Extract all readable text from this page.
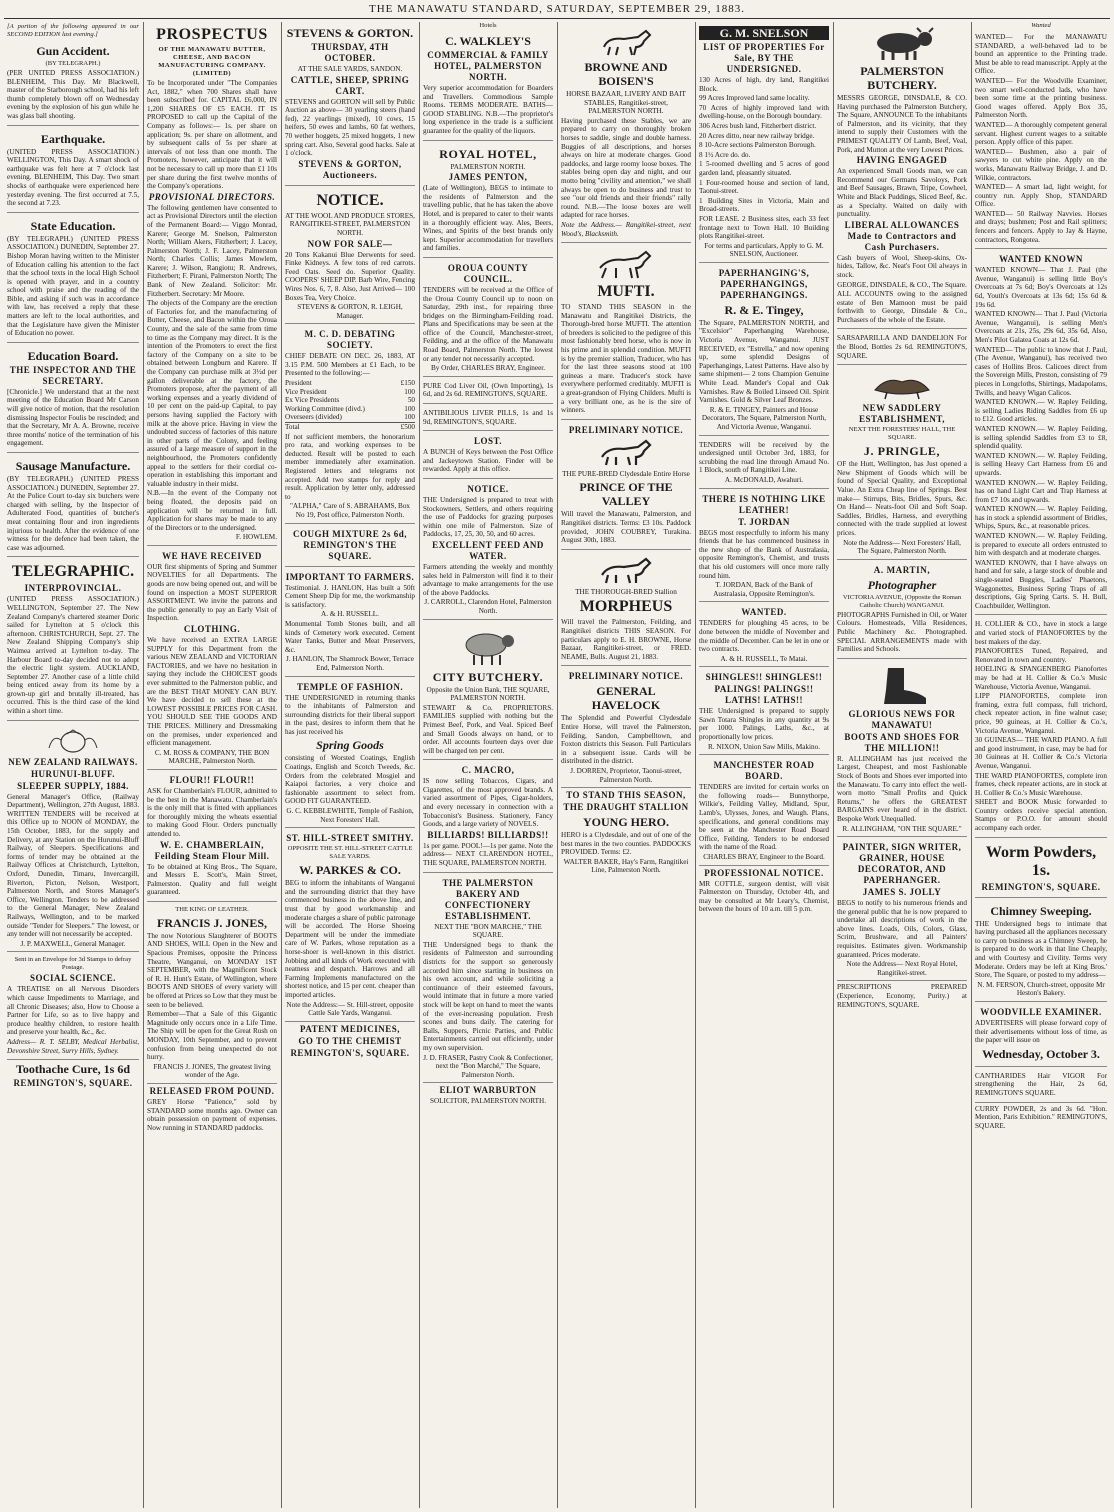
THE MANAWATU STANDARD, SATURDAY, SEPTEMBER 29, 1883.
[A portion of the following appeared in our SECOND EDITION last evening.]
Gun Accident.
(BY TELEGRAPH.)
(PER UNITED PRESS ASSOCIATION.) BLENHEIM, This Day. Mr Blackwell, master of the Starborough school, had his left thumb completely blown off on Wednesday evening by the explosion of his gun while he was glass ball shooting.
Earthquake.
(UNITED PRESS ASSOCIATION.) WELLINGTON, This Day. A smart shock of earthquake was felt here at 7 o'clock last evening. BLENHEIM, This Day. Two smart shocks of earthquake were experienced here yesterday evening. The first occurred at 7.5, the second at 7.23.
State Education.
(BY TELEGRAPH.) (UNITED PRESS ASSOCIATION.) DUNEDIN, September 27. Bishop Moran having written to the Minister of Education calling his attention to the fact that the school texts in the local High School is opened with prayer, and in a country school with praise and the reading of the Bible, and asking if such was in accordance with law, has received a reply that these matters are left to the local authorities, and that the Legislature have given the Minister of Education no power.
Education Board.
THE INSPECTOR AND THE SECRETARY.
[Chronicle.] We understand that at the next meeting of the Education Board Mr Carson will give notice of motion, that the resolution dismissing Inspector Foulis be rescinded; and that the Secretary, Mr A. A. Browne, receive three months' notice of the termination of his engagement.
Sausage Manufacture.
(BY TELEGRAPH.) (UNITED PRESS ASSOCIATION.) DUNEDIN, September 27. At the Police Court to-day six butchers were charged with selling, by the Inspector of Adulterated Food, quantities of butcher's meat containing flour and iron ingredients injurious to health. After the evidence of one witness for the defence had been taken, the case was adjourned.
TELEGRAPHIC.
INTERPROVINCIAL.
(UNITED PRESS ASSOCIATION.) WELLINGTON, September 27. The New Zealand Company's chartered steamer Doric sailed for Lyttelton at 5 o'clock this afternoon. CHRISTCHURCH, Sept. 27. The New Zealand Shipping Company's ship Waimea arrived at Lyttelton to-day. The Harbour Board to-day decided not to adopt the electric light system. AUCKLAND, September 27. Another case of a little child being enticed away from its home by a grown-up girl and brutally ill-treated, has occurred. This is the third case of the kind within a short time.
NEW ZEALAND RAILWAYS.
HURUNUI-BLUFF.
SLEEPER SUPPLY, 1884.
General Manager's Office, (Railway Department), Wellington, 27th August, 1883. WRITTEN TENDERS will be received at this Office up to NOON of MONDAY, the 15th October, 1883, for the supply and Delivery, at any Station on the Hurunui-Bluff Railway, of Sleepers. Specifications and forms of tender may be obtained at the Railway Offices at Christchurch, Lyttelton, Oxford, Dunedin, Timaru, Invercargill, Riverton, Picton, Nelson, Westport, Palmerston North, and Stores Manager's Office, Wellington. Tenders to be addressed to the General Manager, New Zealand Railways, Wellington, and to be marked outside "Tender for Sleepers." The lowest, or any tender will not necessarily be accepted.
J. P. MAXWELL, General Manager.
Sent in an Envelope for 3d Stamps to defray Postage.
SOCIAL SCIENCE.
A TREATISE on all Nervous Disorders which cause Impediments to Marriage, and all Chronic Diseases; also, How to Choose a Partner for Life, so as to live happy and produce healthy children, to restore health and preserve your health, &c., &c.
Address— R. T. SELBY, Medical Herbalist, Devonshire Street, Surry Hills, Sydney.
Toothache Cure, 1s 6d
REMINGTON'S, SQUARE.
PROSPECTUS
OF THE MANAWATU BUTTER, CHEESE, AND BACON MANUFACTURING COMPANY. (LIMITED)
To be Incorporated under "The Companies Act, 1882," when 700 Shares shall have been subscribed for. CAPITAL £6,000, IN 1,200 SHARES OF £5 EACH. IT IS PROPOSED to call up the Capital of the Company as follows:— 1s. per share on application; 9s. per share on allotment, and by subsequent calls of 5s per share at intervals of not less than one month. The Promoters, however, anticipate that it will not be necessary to call up more than £1 10s per share during the first twelve months of the Company's operations.
PROVISIONAL DIRECTORS.
The following gentlemen have consented to act as Provisional Directors until the election of the Permanent Board:— Viggo Monrad, Karere; George M. Snelson, Palmerston North; William Akers, Fitzherbert; J. Lacey, Palmerston North; J. F. Lacey, Palmerston North; Charles Collis; James Mowlem, Karere; J. Wilson, Rangiotu; R. Andrews, Fitzherbert; F. Pirani, Palmerston North; The Bank of New Zealand. Solicitor: Mr. Fitzherbert. Secretary: Mr Moore.
The objects of the Company are the erection of Factories for, and the manufacturing of Butter, Cheese, and Bacon within the Oroua County, and the sale of the same from time to time as the Company may direct. It is the intention of the Promoters to erect the first factory of the Company on a site to be obtained between Longburn and Karere. If the Company can purchase milk at 3½d per gallon deliverable at the factory, the Promoters propose, after the payment of all working expenses and a yearly dividend of 10 per cent on the paid-up Capital, to pay persons having supplied the Factory with milk at the above price. Having in view the undoubted success of factories of this nature in other parts of the Colony, and feeling assured of a large measure of support in the neighbourhood, the Promoters confidently appeal to the settlers for their cordial co-operation in establishing this important and valuable industry in their midst.
N.B.—In the event of the Company not being floated, the deposits paid on application will be returned in full. Application for shares may be made to any of the Directors or to the undersigned.
F. HOWLEM.
WE HAVE RECEIVED
OUR first shipments of Spring and Summer NOVELTIES for all Departments. The goods are now being opened out, and will be found on inspection a MOST SUPERIOR ASSORTMENT. We invite the patrons and the public generally to pay an Early Visit of Inspection.
CLOTHING.
We have received an EXTRA LARGE SUPPLY for this Department from the various NEW ZEALAND and VICTORIAN FACTORIES, and we have no hesitation in saying they include the CHOICEST goods ever submitted to the Palmerston public, and are the BEST THAT MONEY CAN BUY. We have decided to sell these at the LOWEST POSSIBLE PRICES FOR CASH. YOU SHOULD SEE THE GOODS AND THE PRICES. Millinery and Dressmaking on the premises, under experienced and efficient management.
C. M. ROSS & COMPANY, THE BON MARCHE, Palmerston North.
FLOUR!! FLOUR!!
ASK for Chamberlain's FLOUR, admitted to be the best in the Manawatu. Chamberlain's is the only mill that is fitted with appliances for thoroughly mixing the wheats essential to making Good Flour. Orders punctually attended to.
W. E. CHAMBERLAIN, Feilding Steam Flour Mill.
To be obtained at King Bros., The Square, and Messrs E. Scott's, Main Street, Palmerston. Quality and full weight guaranteed.
THE KING OF LEATHER.
FRANCIS J. JONES,
The now Notorious Slaughterer of BOOTS AND SHOES, WILL Open in the New and Spacious Premises, opposite the Princess Theatre, Wanganui, on MONDAY 1ST SEPTEMBER, with the Magnificent Stock of R. H. Hunt's Estate, of Wellington, where BOOTS AND SHOES of every variety will be offered at Prices so Low that they must be seen to be believed.
Remember—That a Sale of this Gigantic Magnitude only occurs once in a Life Time. The Ship will be open for the Great Rush on MONDAY, 10th September, and to prevent confusion from being unexpected do not hurry.
FRANCIS J. JONES, The greatest living wonder of the Age.
RELEASED FROM POUND.
GREY Horse "Patience," sold by STANDARD some months ago. Owner can obtain possession on payment of expenses. Now running in STANDARD paddocks.
STEVENS & GORTON.
THURSDAY, 4TH OCTOBER.
AT THE SALE YARDS, SANDON.
CATTLE, SHEEP, SPRING CART.
STEVENS and GORTON will sell by Public Auction as above— 30 yearling steers (hand fed), 22 yearlings (mixed), 10 cows, 15 heifers, 50 ewes and lambs, 60 fat wethers, 70 wether hoggets, 25 mixed hoggets, 1 new spring cart. Also, Several good hacks. Sale at 1 o'clock.
STEVENS & GORTON, Auctioneers.
NOTICE.
AT THE WOOL AND PRODUCE STORES, RANGITIKEI-STREET, PALMERSTON NORTH.
NOW FOR SALE—
20 Tons Kakanui Blue Derwents for seed. Finke Kidneys. A few tons of red carrots. Feed Oats. Seed do. Superior Quality. COOPERS' SHEEP DIP. Barb Wire, Fencing Wires Nos. 6, 7, 8. Also, Just Arrived— 100 Boxes Tea, Very Choice.
STEVENS & GORTON, R. LEIGH, Manager.
M. C. D. DEBATING SOCIETY.
CHIEF DEBATE ON DEC. 26, 1883, AT 3.15 P.M. 500 Members at £1 Each, to be Presented to the following:—
President	£150
Vice President	100
Ex Vice Presidents	50
Working Committee (divd.)	100
Overseers (divided)	100
Total	£500
If not sufficient members, the honorarium pro rata, and working expenses to be deducted. Result will be posted to each member immediately after examination. Registered letters and telegrams not accepted. Add two stamps for reply and result. Application by letter only, addressed to
"ALPHA," Care of S. ABRAHAMS, Box No 19, Post office, Palmerston North.
COUGH MIXTURE 2s 6d, REMINGTON'S THE SQUARE.
IMPORTANT TO FARMERS.
Testimonial. J. HANLON, Has built a 50ft Cement Sheep Dip for me, the workmanship is satisfactory.
A. & H. RUSSELL.
Monumental Tomb Stones built, and all kinds of Cemetery work executed. Cement Water Tanks, Butter and Meat Preservers, &c.
J. HANLON, The Shamrock Bower, Terrace End, Palmerston North.
TEMPLE OF FASHION.
THE UNDERSIGNED in returning thanks to the inhabitants of Palmerston and surrounding districts for their liberal support in the past, desires to inform them that he has just received his
Spring Goods
consisting of Worsted Coatings, English Coatings, English and Scotch Tweeds, &c. Orders from the celebrated Mosgiel and Kaiapoi factories, a very choice and fashionable assortment to select from. GOOD FIT GUARANTEED.
G. C. KEBBLEWHITE, Temple of Fashion, Next Foresters' Hall.
ST. HILL-STREET SMITHY.
OPPOSITE THE ST. HILL-STREET CATTLE SALE YARDS.
W. PARKES & CO.
BEG to inform the inhabitants of Wanganui and the surrounding district that they have commenced business in the above line, and trust that by good workmanship and moderate charges a share of public patronage will be accorded. The Horse Shoeing Department will be under the immediate care of W. Parkes, whose reputation as a horse-shoer is well-known in this district. Jobbing and all kinds of Work executed with neatness and despatch. Harrows and all Farming Implements manufactured on the shortest notice, and 15 per cent. cheaper than imported articles.
Note the Address:— St. Hill-street, opposite Cattle Sale Yards, Wanganui.
PATENT MEDICINES,
GO TO THE CHEMIST
REMINGTON'S, SQUARE.
Hotels
C. WALKLEY'S
COMMERCIAL & FAMILY HOTEL, PALMERSTON NORTH.
Very superior accommodation for Boarders and Travellers. Commodious Sample Rooms. TERMS MODERATE. BATHS—GOOD STABLING. N.B.—The proprietor's long experience in the trade is a sufficient guarantee for the quality of the liquors.
ROYAL HOTEL,
PALMERSTON NORTH.
JAMES PENTON,
(Late of Wellington), BEGS to intimate to the residents of Palmerston and the travelling public, that he has taken the above Hotel, and is prepared to cater to their wants in a thoroughly efficient way. Ales, Beers, Wines, and Spirits of the best brands only kept. Superior accommodation for travellers and families.
OROUA COUNTY COUNCIL.
TENDERS will be received at the Office of the Oroua County Council up to noon on Saturday, 29th inst., for repairing three bridges on the Birmingham-Feilding road. Plans and Specifications may be seen at the office of the Council, Manchester-street, Feilding, and at the office of the Manawatu Road Board, Palmerston North. The lowest or any tender not necessarily accepted.
By Order, CHARLES BRAY, Engineer.
PURE Cod Liver Oil, (Own Importing), 1s 6d, and 2s 6d. REMINGTON'S, SQUARE.
ANTIBILIOUS LIVER PILLS, 1s and 1s 9d, REMINGTON'S, SQUARE.
LOST.
A BUNCH of Keys between the Post Office and Jackeytown Station. Finder will be rewarded. Apply at this office.
NOTICE.
THE Undersigned is prepared to treat with Stockowners, Settlers, and others requiring the use of Paddocks for grazing purposes within one mile of Palmerston. Size of Paddocks, 17, 25, 30, 50, and 60 acres.
EXCELLENT FEED AND WATER.
Farmers attending the weekly and monthly sales held in Palmerston will find it to their advantage to make arrangements for the use of the above Paddocks.
J. CARROLL, Clarendon Hotel, Palmerston North.
CITY BUTCHERY.
Opposite the Union Bank, THE SQUARE, PALMERSTON NORTH.
STEWART & Co. PROPRIETORS. FAMILIES supplied with nothing but the Primest Beef, Pork, and Veal. Spiced Beef and Small Goods always on hand, or to order. All accounts fourteen days over due will be charged ten per cent.
C. MACRO,
IS now selling Tobaccos, Cigars, and Cigarettes, of the most approved brands. A varied assortment of Pipes, Cigar-holders, and every necessary in connection with a Tobacconist's Business. Stationery, Fancy Goods, and a large variety of NOVELS.
BILLIARDS! BILLIARDS!!
1s per game. POOL!—1s per game. Note the address— NEXT CLARENDON HOTEL, THE SQUARE, PALMERSTON NORTH.
THE PALMERSTON BAKERY AND CONFECTIONERY ESTABLISHMENT.
NEXT THE "BON MARCHE," THE SQUARE.
THE Undersigned begs to thank the residents of Palmerston and surrounding districts for the support so generously accorded him since starting in business on his own account, and while soliciting a continuance of their esteemed favours, would intimate that in future a more varied stock will be kept on hand to meet the wants of the ever-increasing population. Fresh scones and buns daily. The catering for Balls, Suppers, Picnic Parties, and Public Entertainments carried out efficiently, under my own supervision.
J. D. FRASER, Pastry Cook & Confectioner, next the "Bon Marché," The Square, Palmerston North.
ELIOT WARBURTON
SOLICITOR, PALMERSTON NORTH.
BROWNE AND BOISEN'S
HORSE BAZAAR, LIVERY AND BAIT STABLES, Rangitikei-street, PALMERSTON NORTH.
Having purchased these Stables, we are prepared to carry on thoroughly broken horses to saddle, single and double harness. Buggies of all descriptions, and horses always on hire at moderate charges. Good paddocks, and large roomy loose boxes. The stables being open day and night, and our motto being "civility and attention," we shall always be open to do business and trust to see "our old friends and their friends" rally round. N.B.—The loose boxes are well adapted for race horses.
Note the Address.— Rangitikei-street, next Wood's, Blacksmith.
MUFTI.
TO STAND THIS SEASON in the Manawatu and Rangitikei Districts, the Thorough-bred horse MUFTI. The attention of breeders is solicited to the pedigree of this most fashionably bred horse, who is now in his prime and in splendid condition. MUFTI is by the premier stallion, Traducer, who has for the last three seasons stood at 100 guineas a mare. Traducer's stock have everywhere performed creditably. MUFTI is a great-grandson of Flying Childers. Mufti is a very brilliant one, as he is the sire of winners.
PRELIMINARY NOTICE.
THE PURE-BRED Clydesdale Entire Horse
PRINCE OF THE VALLEY
Will travel the Manawatu, Palmerston, and Rangitikei districts. Terms: £3 10s. Paddock provided, JOHN COUBREY, Turakina. August 30th, 1883.
THE THOROUGH-BRED Stallion
MORPHEUS
Will travel the Palmerston, Feilding, and Rangitikei districts THIS SEASON. For particulars apply to E. H. BROWNE, Horse Bazaar, Rangitikei-street, or FRED. NEAME, Bulls. August 21, 1883.
PRELIMINARY NOTICE.
GENERAL HAVELOCK
The Splendid and Powerful Clydesdale Entire Horse, will travel the Palmerston, Feilding, Sandon, Campbelltown, and Foxton districts this Season. Full Particulars in a subsequent issue. Cards will be distributed in the district.
J. DORREN, Proprietor, Taonui-street, Palmerston North.
TO STAND THIS SEASON,
THE DRAUGHT STALLION
YOUNG HERO.
HERO is a Clydesdale, and out of one of the best mares in the two counties. PADDOCKS PROVIDED. Terms: £2.
WALTER BAKER, Hay's Farm, Rangitikei Line, Palmerston North.
G. M. SNELSON
LIST OF PROPERTIES For Sale, BY THE UNDERSIGNED.
130 Acres of high, dry land, Rangitikei Block.
99 Acres Improved land same locality.
70 Acres of highly improved land with dwelling-house, on the Borough boundary.
306 Acres bush land, Fitzherbert district.
20 Acres ditto, near new railway bridge.
8 10-Acre sections Palmerston Borough.
8 1½ Acre do. do.
1 5-roomed dwelling and 5 acres of good garden land, pleasantly situated.
1 Four-roomed house and section of land, Taonui-street.
1 Building Sites in Victoria, Main and Broad-streets.
FOR LEASE. 2 Business sites, each 33 feet frontage next to Town Hall. 10 Building plots Rangitikei-street.
For terms and particulars, Apply to G. M. SNELSON, Auctioneer.
PAPERHANGING'S, PAPERHANGINGS, PAPERHANGINGS.
R. & E. Tingey,
The Square, PALMERSTON NORTH, and "Excelsior" Paperhanging Warehouse, Victoria Avenue, Wanganui. JUST RECEIVED, ex "Estrella," and now opening up, some splendid Designs of Paperhangings, Latest Patterns. Have also by same shipment— 2 tons Champion Genuine White Lead. Mander's Copal and Oak Varnishes. Raw & Boiled Linseed Oil. Spirit Varnishes. Gold & Silver Leaf Bronzes.
R. & E. TINGEY, Painters and House Decorators, The Square, Palmerston North, And Victoria Avenue, Wanganui.
TENDERS will be received by the undersigned until October 3rd, 1883, for scrubbing the road line through Arnaud No. 1 Block, south of Rangitikei Line.
A. McDONALD, Awahuri.
THERE IS NOTHING LIKE LEATHER!
T. JORDAN
BEGS most respectfully to inform his many friends that he has commenced business in the new shop of the Bank of Australasia, opposite Remington's, Chemist, and trusts that his old customers will once more rally round him.
T. JORDAN, Back of the Bank of Australasia, Opposite Remington's.
WANTED.
TENDERS for ploughing 45 acres, to be done between the middle of November and the middle of December. Can be let in one or two contracts.
A. & H. RUSSELL, Te Matai.
SHINGLES!! SHINGLES!!
PALINGS! PALINGS!! LATHS! LATHS!!
THE Undersigned is prepared to supply Sawn Totara Shingles in any quantity at 9s per 1000. Palings, Laths, &c., at proportionally low prices.
R. NIXON, Union Saw Mills, Makino.
MANCHESTER ROAD BOARD.
TENDERS are invited for certain works on the following roads— Bunnythorpe, Wilkie's, Feilding Valley, Midland, Spur, Lamb's, Ulysses, Jones, and Waugh. Plans, specifications, and general conditions may be seen at the Manchester Road Board Office, Feilding. Tenders to be endorsed with the name of the Road.
CHARLES BRAY, Engineer to the Board.
PROFESSIONAL NOTICE.
MR COTTLE, surgeon dentist, will visit Palmerston on Thursday, October 4th, and may be consulted at Mr Leary's, Chemist, between the hours of 10 a.m. till 5 p.m.
PALMERSTON BUTCHERY.
MESSRS GEORGE, DINSDALE, & CO. Having purchased the Palmerston Butchery, The Square, ANNOUNCE To the inhabitants of Palmerston, and its vicinity, that they intend to supply their Customers with the PRIMEST QUALITY Of Lamb, Beef, Veal, Pork, and Mutton at the very Lowest Prices.
HAVING ENGAGED
An experienced Small Goods man, we can Recommend our Germans Savoloys, Pork and Beef Sausages, Brawn, Tripe, Cowheel, White and Black Puddings, Sliced Beef, &c. as a Specialty. Waited on daily with punctuality.
LIBERAL ALLOWANCES Made to Contractors and Cash Purchasers.
Cash buyers of Wool, Sheep-skins, Ox-hides, Tallow, &c. Neat's Foot Oil always in stock.
GEORGE, DINSDALE, & CO., The Square.
ALL ACCOUNTS owing to the assigned estate of Ben Mamoon must be paid forthwith to George, Dinsdale & Co., Purchasers of the whole of the Estate.
SARSAPARILLA AND DANDELION For the Blood, Bottles 2s 6d. REMINGTON'S, SQUARE.
NEW SADDLERY ESTABLISHMENT,
NEXT THE FORESTERS' HALL, THE SQUARE.
J. PRINGLE,
OF the Hutt, Wellington, has Just opened a New Shipment of Goods which will be found of Special Quality, and Exceptional Value. An Extra Cheap line of Springs. Best make— Stirrups, Bits, Bridles, Spurs, &c. On Hand— Neats-foot Oil and Soft Soap. Saddles, Bridles, Harness, and everything connected with the trade supplied at lowest prices.
Note the Address— Next Foresters' Hall, The Square, Palmerston North.
A. MARTIN,
Photographer
VICTORIA AVENUE, (Opposite the Roman Catholic Church) WANGANUI.
PHOTOGRAPHS Furnished in Oil, or Water Colours. Homesteads, Villa Residences, Public Machinery &c. Photographed. SPECIAL ARRANGEMENTS made with Families and Schools.
GLORIOUS NEWS FOR MANAWATU!
BOOTS AND SHOES FOR THE MILLION!!
R. ALLINGHAM has just received the Largest, Cheapest, and most Fashionable Stock of Boots and Shoes ever imported into the Manawatu. To carry into effect the well-worn motto "Small Profits and Quick Returns," he offers the GREATEST BARGAINS ever heard of in the district. Bespoke Work Unequalled.
R. ALLINGHAM, "ON THE SQUARE."
PAINTER, SIGN WRITER, GRAINER, HOUSE DECORATOR, AND PAPERHANGER.
JAMES S. JOLLY
BEGS to notify to his numerous friends and the general public that he is now prepared to undertake all descriptions of work in the above lines. Loads, Oils, Colors, Glass, Scrim, Brushware, and all Painters' requisites. Estimates given. Workmanship guaranteed. Prices moderate.
Note the Address— Next Royal Hotel, Rangitikei-street.
PRESCRIPTIONS PREPARED (Experience, Economy, Purity.) at REMINGTON'S, SQUARE.
Wanted
WANTED— For the MANAWATU STANDARD, a well-behaved lad to be bound an apprentice to the Printing trade. Must be able to read manuscript. Apply at the Office.
WANTED— For the Woodville Examiner, two smart well-conducted lads, who have been some time at the printing business. Good wages offered. Apply Box 35, Palmerston North.
WANTED— A thoroughly competent general servant. Highest current wages to a suitable person. Apply office of this paper.
WANTED— Bushmen, also a pair of sawyers to cut white pine. Apply on the works, Manawatu Railway Bridge, J. and D. Wilkie, contractors.
WANTED— A smart lad, light weight, for country run. Apply Shop, STANDARD Office.
WANTED— 50 Railway Navvies. Horses and drays; bushmen; Post and Rail splitters; fencers and fencers. Apply to Jay & Hayne, contractors, Rongotea.
WANTED KNOWN
WANTED KNOWN— That J. Paul (the Avenue, Wanganui) is selling little Boy's Overcoats at 7s 6d; Boy's Overcoats at 12s 6d, Youth's Overcoats at 13s 6d; 15s 6d & 19s 6d.
WANTED KNOWN— That J. Paul (Victoria Avenue, Wanganui), is selling Men's Overcoats at 21s, 25s, 29s 6d, 35s 6d, Also, Men's Pilot Galatea Coats at 12s 6d.
WANTED— The public to know that J. Paul, (The Avenue, Wanganui), has received two cases of Hollins Bros. Calicoes direct from the Sovereign Mills, Preston, consisting of 79 pieces in Longcloths, Shirtings, Madapolams, Twills, and heavy Wigan Calicos.
WANTED KNOWN.— W. Rapley Feilding, is selling Ladies Riding Saddles from £6 up to £12. Good articles.
WANTED KNOWN.— W. Rapley Feilding, is selling splendid Saddles from £3 to £8, splendid quality.
WANTED KNOWN.— W. Rapley Feilding, is selling Heavy Cart Harness from £6 and upwards.
WANTED KNOWN.— W. Rapley Feilding, has on hand Light Cart and Trap Harness at from £7 10s and upwards.
WANTED KNOWN.— W. Rapley Feilding, has in stock a splendid assortment of Bridles, Whips, Spurs, &c., at reasonable prices.
WANTED KNOWN.— W. Rapley Feilding, is prepared to execute all orders entrusted to him with despatch and at moderate charges.
WANTED KNOWN, that I have always on hand and for sale, a large stock of double and single-seated Buggies, Ladies' Phaetons, Waggonettes, Business Spring Traps of all descriptions, Gig Spring Carts. S. H. Bull, Coachbuilder, Wellington.
H. COLLIER & CO., have in stock a large and varied stock of PIANOFORTES by the best makers of the day.
PIANOFORTES Tuned, Repaired, and Renovated in town and country.
HOELING & SPANGENBERG Pianofortes may be had at H. Collier & Co.'s Music Warehouse, Victoria Avenue, Wanganui.
LIPP PIANOFORTES, complete iron framing, extra full compass, full trichord, check repeater action, in fine walnut case; price, 90 guineas, at H. Collier & Co.'s, Victoria Avenue, Wanganui.
30 GUINEAS— THE WARD PIANO. A full and good instrument, in case, may be had for 30 Guineas at H. Collier & Co.'s Victoria Avenue, Wanganui.
THE WARD PIANOFORTES, complete iron frames, check repeater actions, are in stock at H. Collier & Co.'s Music Warehouse.
SHEET and BOOK Music forwarded to Country orders receive special attention. Stamps or P.O.O. for amount should accompany each order.
Worm Powders, 1s.
REMINGTON'S, SQUARE.
Chimney Sweeping.
THE Undersigned begs to intimate that having purchased all the appliances necessary to carry on business as a Chimney Sweep, he is prepared to do work in that line Cheaply, and with Courtesy and Civility. Terms very Moderate. Orders may be left at King Bros.' Store, The Square, or posted to my address—
N. M. FERSON, Church-street, opposite Mr Heston's Bakery.
WOODVILLE EXAMINER.
ADVERTISERS will please forward copy of their advertisements without loss of time, as the paper will issue on
Wednesday, October 3.
CANTHARIDES Hair VIGOR For strengthening the Hair, 2s 6d, REMINGTON'S SQUARE.
CURRY POWDER, 2s and 3s 6d. "Hon. Mention, Paris Exhibition." REMINGTON'S, SQUARE.
